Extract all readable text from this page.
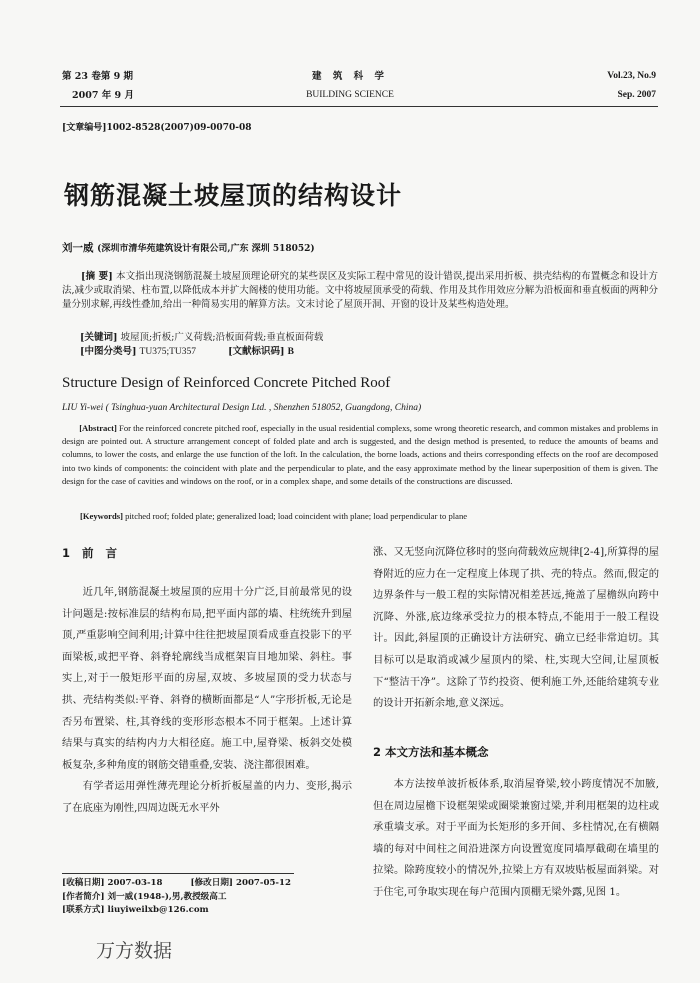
第 23 卷第 9 期
2007 年 9 月
建 筑 科 学
BUILDING SCIENCE
Vol.23, No.9
Sep. 2007
[文章编号]1002-8528(2007)09-0070-08
钢筋混凝土坡屋顶的结构设计
刘一威 (深圳市清华苑建筑设计有限公司,广东 深圳 518052)
[摘 要] 本文指出现浇钢筋混凝土坡屋顶理论研究的某些误区及实际工程中常见的设计错误,提出采用折板、拱壳结构的布置概念和设计方法,减少或取消梁、柱布置,以降低成本并扩大阁楼的使用功能。文中将坡屋顶承受的荷载、作用及其作用效应分解为沿板面和垂直板面的两种分量分别求解,再线性叠加,给出一种简易实用的解算方法。文末讨论了屋顶开洞、开窗的设计及某些构造处理。
[关键词] 坡屋顶;折板;广义荷载;沿板面荷载;垂直板面荷载
[中图分类号] TU375;TU357	[文献标识码] B
Structure Design of Reinforced Concrete Pitched Roof
LIU Yi-wei ( Tsinghua-yuan Architectural Design Ltd. , Shenzhen 518052, Guangdong, China)
[Abstract] For the reinforced concrete pitched roof, especially in the usual residential complexs, some wrong theoretic research, and common mistakes and problems in design are pointed out. A structure arrangement concept of folded plate and arch is suggested, and the design method is presented, to reduce the amounts of beams and columns, to lower the costs, and enlarge the use function of the loft. In the calculation, the borne loads, actions and theirs corresponding effects on the roof are decomposed into two kinds of components: the coincident with plate and the perpendicular to plate, and the easy approximate method by the linear superposition of them is given. The design for the case of cavities and windows on the roof, or in a complex shape, and some details of the constructions are discussed.
[Keywords] pitched roof; folded plate; generalized load; load coincident with plane; load perpendicular to plane
1 前 言

近几年,钢筋混凝土坡屋顶的应用十分广泛,目前最常见的设计问题是:按标准层的结构布局,把平面内部的墙、柱统统升到屋顶,严重影响空间利用;计算中往往把坡屋顶看成垂直投影下的平面梁板,或把平脊、斜脊轮廓线当成框架盲目地加梁、斜柱。事实上,对于一般矩形平面的房屋,双坡、多坡屋顶的受力状态与拱、壳结构类似:平脊、斜脊的横断面都是“人”字形折板,无论是否另布置梁、柱,其脊线的变形形态根本不同于框架。上述计算结果与真实的结构内力大相径庭。施工中,屋脊梁、板斜交处模板复杂,多种角度的钢筋交错重叠,安装、浇注都很困难。

有学者运用弹性薄壳理论分析折板屋盖的内力、变形,揭示了在底座为刚性,四周边既无水平外

[收稿日期] 2007-03-18	[修改日期] 2007-05-12
[作者简介] 刘一威(1948-),男,教授级高工
[联系方式] liuyiweilxb@126.com
万方数据

涨、又无竖向沉降位移时的竖向荷载效应规律[2-4],所算得的屋脊附近的应力在一定程度上体现了拱、壳的特点。然而,假定的边界条件与一般工程的实际情况相差甚远,掩盖了屋檐纵向跨中沉降、外涨,底边缘承受拉力的根本特点,不能用于一般工程设计。因此,斜屋顶的正确设计方法研究、确立已经非常迫切。其目标可以是取消或减少屋顶内的梁、柱,实现大空间,让屋顶板下“整洁干净”。这除了节约投资、便利施工外,还能给建筑专业的设计开拓新余地,意义深远。

2 本文方法和基本概念

本方法按单波折板体系,取消屋脊梁,较小跨度情况不加腋,但在周边屋檐下设框架梁或圈梁兼窗过梁,并利用框架的边柱或承重墙支承。对于平面为长矩形的多开间、多柱情况,在有横隔墙的每对中间柱之间沿进深方向设置宽度同墙厚截砌在墙里的拉梁。除跨度较小的情况外,拉梁上方有双坡贴板屋面斜梁。对于住宅,可争取实现在每户范围内顶棚无梁外露,见图 1。
